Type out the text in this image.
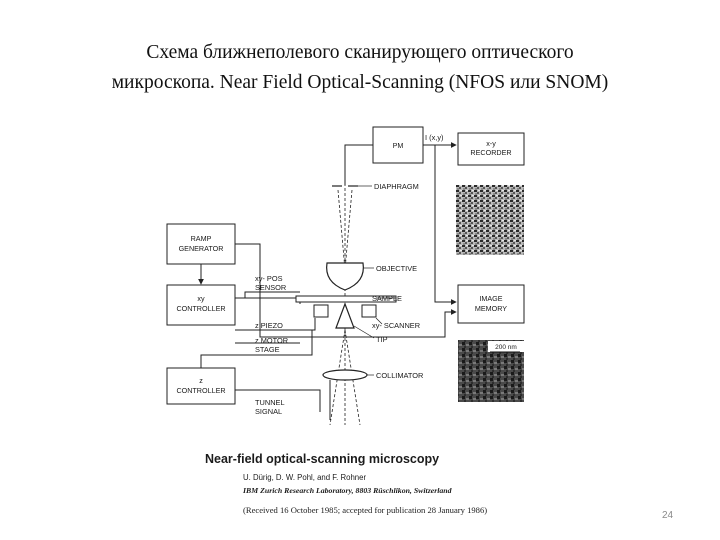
Схема ближнеполевого сканирующего оптического
микроскопа. Near Field Optical-Scanning (NFOS или SNOM)
PM	x-y
RECORDER
RAMP
GENERATOR
xy
CONTROLLER
z
CONTROLLER
IMAGE
MEMORY
200 nm
I (x,y)
DIAPHRAGM
OBJECTIVE
SAMPLE
xy- SCANNER
TIP
COLLIMATOR
xy- POS
SENSOR
z PIEZO
z MOTOR
STAGE
TUNNEL
SIGNAL
Near-field optical-scanning microscopy
U. Dürig, D. W. Pohl, and F. Rohner
IBM Zurich Research Laboratory, 8803 Rüschlikon, Switzerland
(Received 16 October 1985; accepted for publication 28 January 1986)	24
